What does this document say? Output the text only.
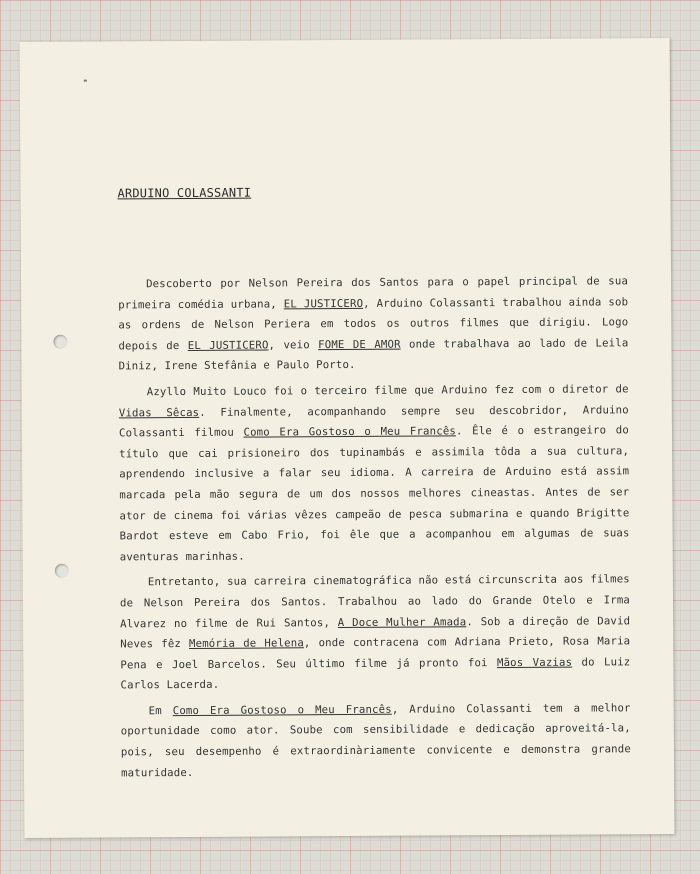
ARDUINO COLASSANTI

Descoberto por Nelson Pereira dos Santos para o papel principal de sua primeira comédia urbana, EL JUSTICERO, Arduino Colassanti trabalhou ainda sob as ordens de Nelson Periera em todos os outros filmes que dirigiu. Logo depois de EL JUSTICERO, veio FOME DE AMOR onde trabalhava ao lado de Leila Diniz, Irene Stefânia e Paulo Porto.

Azyllo Muito Louco foi o terceiro filme que Arduino fez com o diretor de Vidas Sêcas. Finalmente, acompanhando sempre seu descobridor, Arduino Colassanti filmou Como Era Gostoso o Meu Francês. Êle é o estrangeiro do título que cai prisioneiro dos tupinambás e assimila tôda a sua cultura, aprendendo inclusive a falar seu idioma. A carreira de Arduino está assim marcada pela mão segura de um dos nossos melhores cineastas. Antes de ser ator de cinema foi várias vêzes campeão de pesca submarina e quando Brigitte Bardot esteve em Cabo Frio, foi êle que a acompanhou em algumas de suas aventuras marinhas.

Entretanto, sua carreira cinematográfica não está circunscrita aos filmes de Nelson Pereira dos Santos. Trabalhou ao lado do Grande Otelo e Irma Alvarez no filme de Rui Santos, A Doce Mulher Amada. Sob a direção de David Neves fêz Memória de Helena, onde contracena com Adriana Prieto, Rosa Maria Pena e Joel Barcelos. Seu último filme já pronto foi Mãos Vazias do Luiz Carlos Lacerda.

Em Como Era Gostoso o Meu Francês, Arduino Colassanti tem a melhor oportunidade como ator. Soube com sensibilidade e dedicação aproveitá-la, pois, seu desempenho é extraordinàriamente convicente e demonstra grande maturidade.
